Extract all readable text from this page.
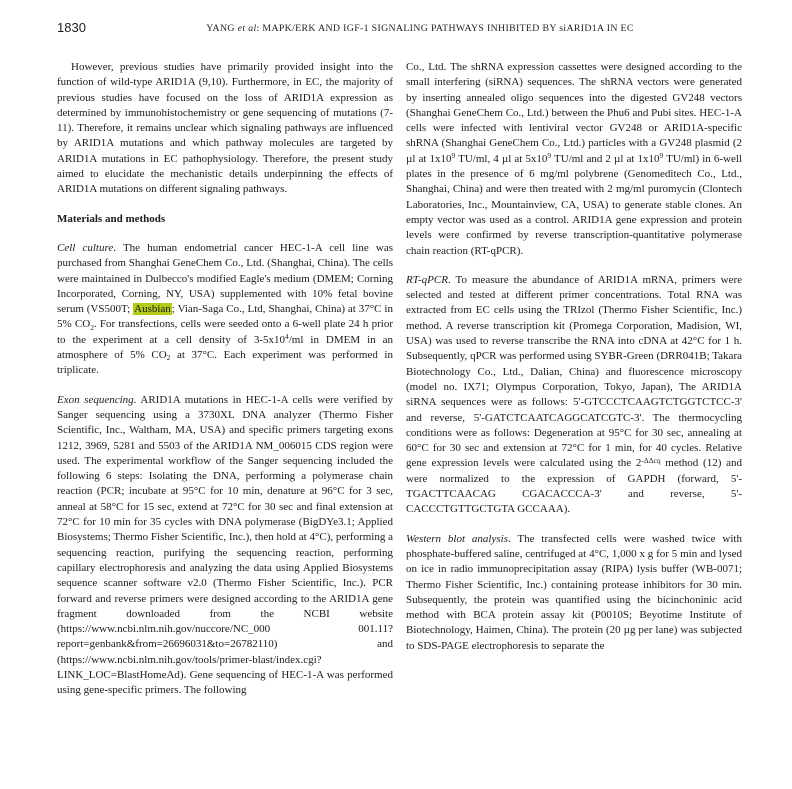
1830	YANG et al: MAPK/ERK AND IGF-1 SIGNALING PATHWAYS INHIBITED BY siARID1A IN EC

However, previous studies have primarily provided insight into the function of wild-type ARID1A (9,10). Furthermore, in EC, the majority of previous studies have focused on the loss of ARID1A expression as determined by immunohistochemistry or gene sequencing of mutations (7-11). Therefore, it remains unclear which signaling pathways are influenced by ARID1A mutations and which pathway molecules are targeted by ARID1A mutations in EC pathophysiology. Therefore, the present study aimed to elucidate the mechanistic details underpinning the effects of ARID1A mutations on different signaling pathways.

Materials and methods

Cell culture. The human endometrial cancer HEC-1-A cell line was purchased from Shanghai GeneChem Co., Ltd. (Shanghai, China). The cells were maintained in Dulbecco's modified Eagle's medium (DMEM; Corning Incorporated, Corning, NY, USA) supplemented with 10% fetal bovine serum (VS500T; Ausbian; Vian-Saga Co., Ltd, Shanghai, China) at 37°C in 5% CO2. For transfections, cells were seeded onto a 6-well plate 24 h prior to the experiment at a cell density of $3-5x10^4/ml$ in DMEM in an atmosphere of 5% CO2 at 37°C. Each experiment was performed in triplicate.

Exon sequencing. ARID1A mutations in HEC-1-A cells were verified by Sanger sequencing using a 3730XL DNA analyzer (Thermo Fisher Scientific, Inc., Waltham, MA, USA) and specific primers targeting exons 1212, 3969, 5281 and 5503 of the ARID1A NM_006015 CDS region were used. The experimental workflow of the Sanger sequencing included the following 6 steps: Isolating the DNA, performing a polymerase chain reaction (PCR; incubate at 95°C for 10 min, denature at 96°C for 3 sec, anneal at 58°C for 15 sec, extend at 72°C for 30 sec and final extension at 72°C for 10 min for 35 cycles with DNA polymerase (BigDYe3.1; Applied Biosystems; Thermo Fisher Scientific, Inc.), then hold at 4°C), performing a sequencing reaction, purifying the sequencing reaction, performing capillary electrophoresis and analyzing the data using Applied Biosystems sequence scanner software v2.0 (Thermo Fisher Scientific, Inc.). PCR forward and reverse primers were designed according to the ARID1A gene fragment downloaded from the NCBI website (https://www.ncbi.nlm.nih.gov/nuccore/NC_000 001.11?report=genbank&from=26696031&to=26782110) and (https://www.ncbi.nlm.nih.gov/tools/primer-blast/index.cgi?LINK_LOC=BlastHomeAd). Gene sequencing of HEC-1-A was performed using gene-specific primers. The following

Co., Ltd. The shRNA expression cassettes were designed according to the small interfering (siRNA) sequences. The shRNA vectors were generated by inserting annealed oligo sequences into the digested GV248 vectors (Shanghai GeneChem Co., Ltd.) between the Phu6 and Pubi sites. HEC-1-A cells were infected with lentiviral vector GV248 or ARID1A-specific shRNA (Shanghai GeneChem Co., Ltd.) particles with a GV248 plasmid (2 µl at $1x10^9$ TU/ml, 4 µl at $5x10^9$ TU/ml and 2 µl at $1x10^9$ TU/ml) in 6-well plates in the presence of 6 mg/ml polybrene (Genomeditech Co., Ltd., Shanghai, China) and were then treated with 2 mg/ml puromycin (Clontech Laboratories, Inc., Mountainview, CA, USA) to generate stable clones. An empty vector was used as a control. ARID1A gene expression and protein levels were confirmed by reverse transcription-quantitative polymerase chain reaction (RT-qPCR).

RT-qPCR. To measure the abundance of ARID1A mRNA, primers were selected and tested at different primer concentrations. Total RNA was extracted from EC cells using the TRIzol (Thermo Fisher Scientific, Inc.) method. A reverse transcription kit (Promega Corporation, Madision, WI, USA) was used to reverse transcribe the RNA into cDNA at 42°C for 1 h. Subsequently, qPCR was performed using SYBR-Green (DRR041B; Takara Biotechnology Co., Ltd., Dalian, China) and fluorescence microscopy (model no. IX71; Olympus Corporation, Tokyo, Japan), The ARID1A siRNA sequences were as follows: 5'-GTCCCTCAAGTCTGGTCTCC-3' and reverse, 5'-GATCTCAATCAGGCATCGTC-3'. The thermocycling conditions were as follows: Degeneration at 95°C for 30 sec, annealing at 60°C for 30 sec and extension at 72°C for 1 min, for 40 cycles. Relative gene expression levels were calculated using the $2^{-\Delta\Delta cq}$ method (12) and were normalized to the expression of GAPDH (forward, 5'-TGACTTCAACAG CGACACCCA-3' and reverse, 5'-CACCCTGTTGCTGTA GCCAAA).

Western blot analysis. The transfected cells were washed twice with phosphate-buffered saline, centrifuged at 4°C, 1,000 x g for 5 min and lysed on ice in radio immunoprecipitation assay (RIPA) lysis buffer (WB-0071; Thermo Fisher Scientific, Inc.) containing protease inhibitors for 30 min. Subsequently, the protein was quantified using the bicinchoninic acid method with BCA protein assay kit (P0010S; Beyotime Institute of Biotechnology, Haimen, China). The protein (20 µg per lane) was subjected to SDS-PAGE electrophoresis to separate the
